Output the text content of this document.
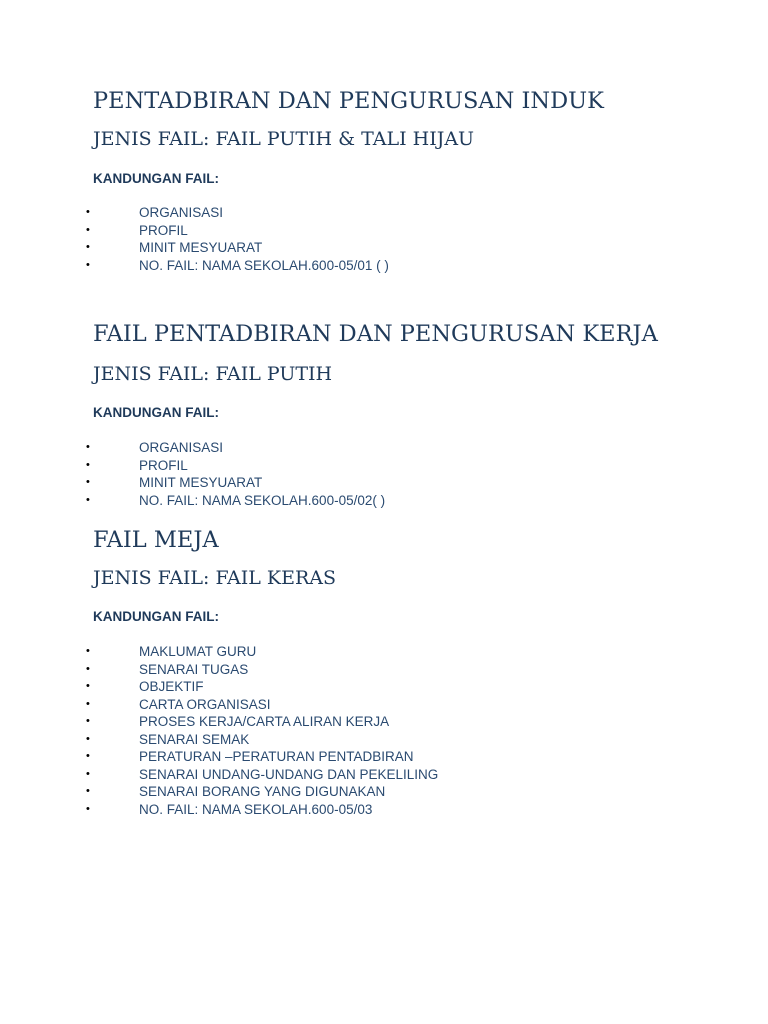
PENTADBIRAN DAN PENGURUSAN INDUK
JENIS FAIL: FAIL PUTIH & TALI HIJAU

KANDUNGAN FAIL:

•	ORGANISASI
•	PROFIL
•	MINIT MESYUARAT
•	NO. FAIL: NAMA SEKOLAH.600-05/01 ( )
FAIL PENTADBIRAN DAN PENGURUSAN KERJA
JENIS FAIL: FAIL PUTIH

KANDUNGAN FAIL:

•	ORGANISASI
•	PROFIL
•	MINIT MESYUARAT
•	NO. FAIL: NAMA SEKOLAH.600-05/02( )
FAIL MEJA
JENIS FAIL: FAIL KERAS

KANDUNGAN FAIL:

•	MAKLUMAT GURU
•	SENARAI TUGAS
•	OBJEKTIF
•	CARTA ORGANISASI
•	PROSES KERJA/CARTA ALIRAN KERJA
•	SENARAI SEMAK
•	PERATURAN –PERATURAN PENTADBIRAN
•	SENARAI UNDANG-UNDANG DAN PEKELILING
•	SENARAI BORANG YANG DIGUNAKAN
•	NO. FAIL: NAMA SEKOLAH.600-05/03
